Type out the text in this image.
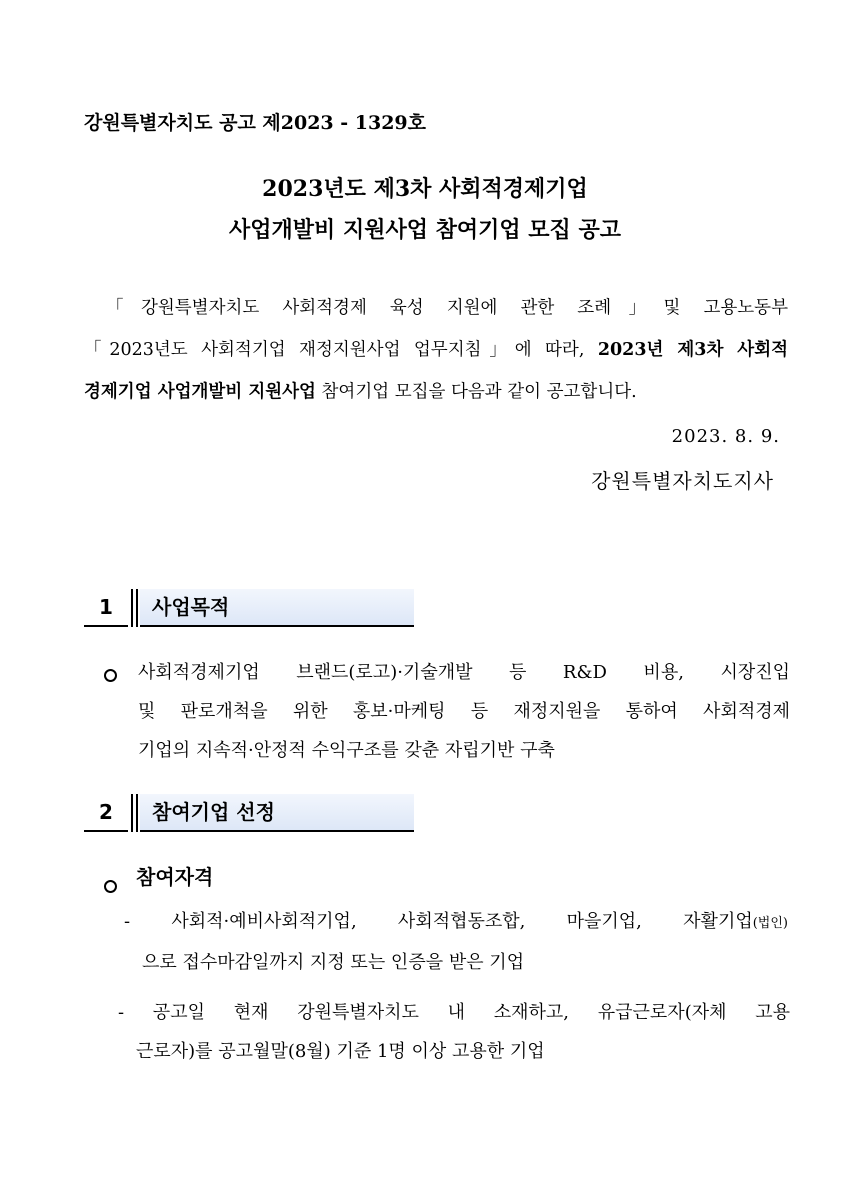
강원특별자치도 공고 제2023 - 1329호
2023년도 제3차 사회적경제기업
사업개발비 지원사업 참여기업 모집 공고
「강원특별자치도 사회적경제 육성 지원에 관한 조례」및 고용노동부
「2023년도 사회적기업 재정지원사업 업무지침」에 따라, 2023년 제3차 사회적
경제기업 사업개발비 지원사업 참여기업 모집을 다음과 같이 공고합니다.
2023. 8. 9.
강원특별자치도지사
1	사업목적
사회적경제기업 브랜드(로고)·기술개발 등 R&D 비용, 시장진입
및 판로개척을 위한 홍보·마케팅 등 재정지원을 통하여 사회적경제
기업의 지속적·안정적 수익구조를 갖춘 자립기반 구축
2	참여기업 선정
참여자격
- 사회적·예비사회적기업, 사회적협동조합, 마을기업, 자활기업(법인)
으로 접수마감일까지 지정 또는 인증을 받은 기업
- 공고일 현재 강원특별자치도 내 소재하고, 유급근로자(자체 고용
근로자)를 공고월말(8월) 기준 1명 이상 고용한 기업
